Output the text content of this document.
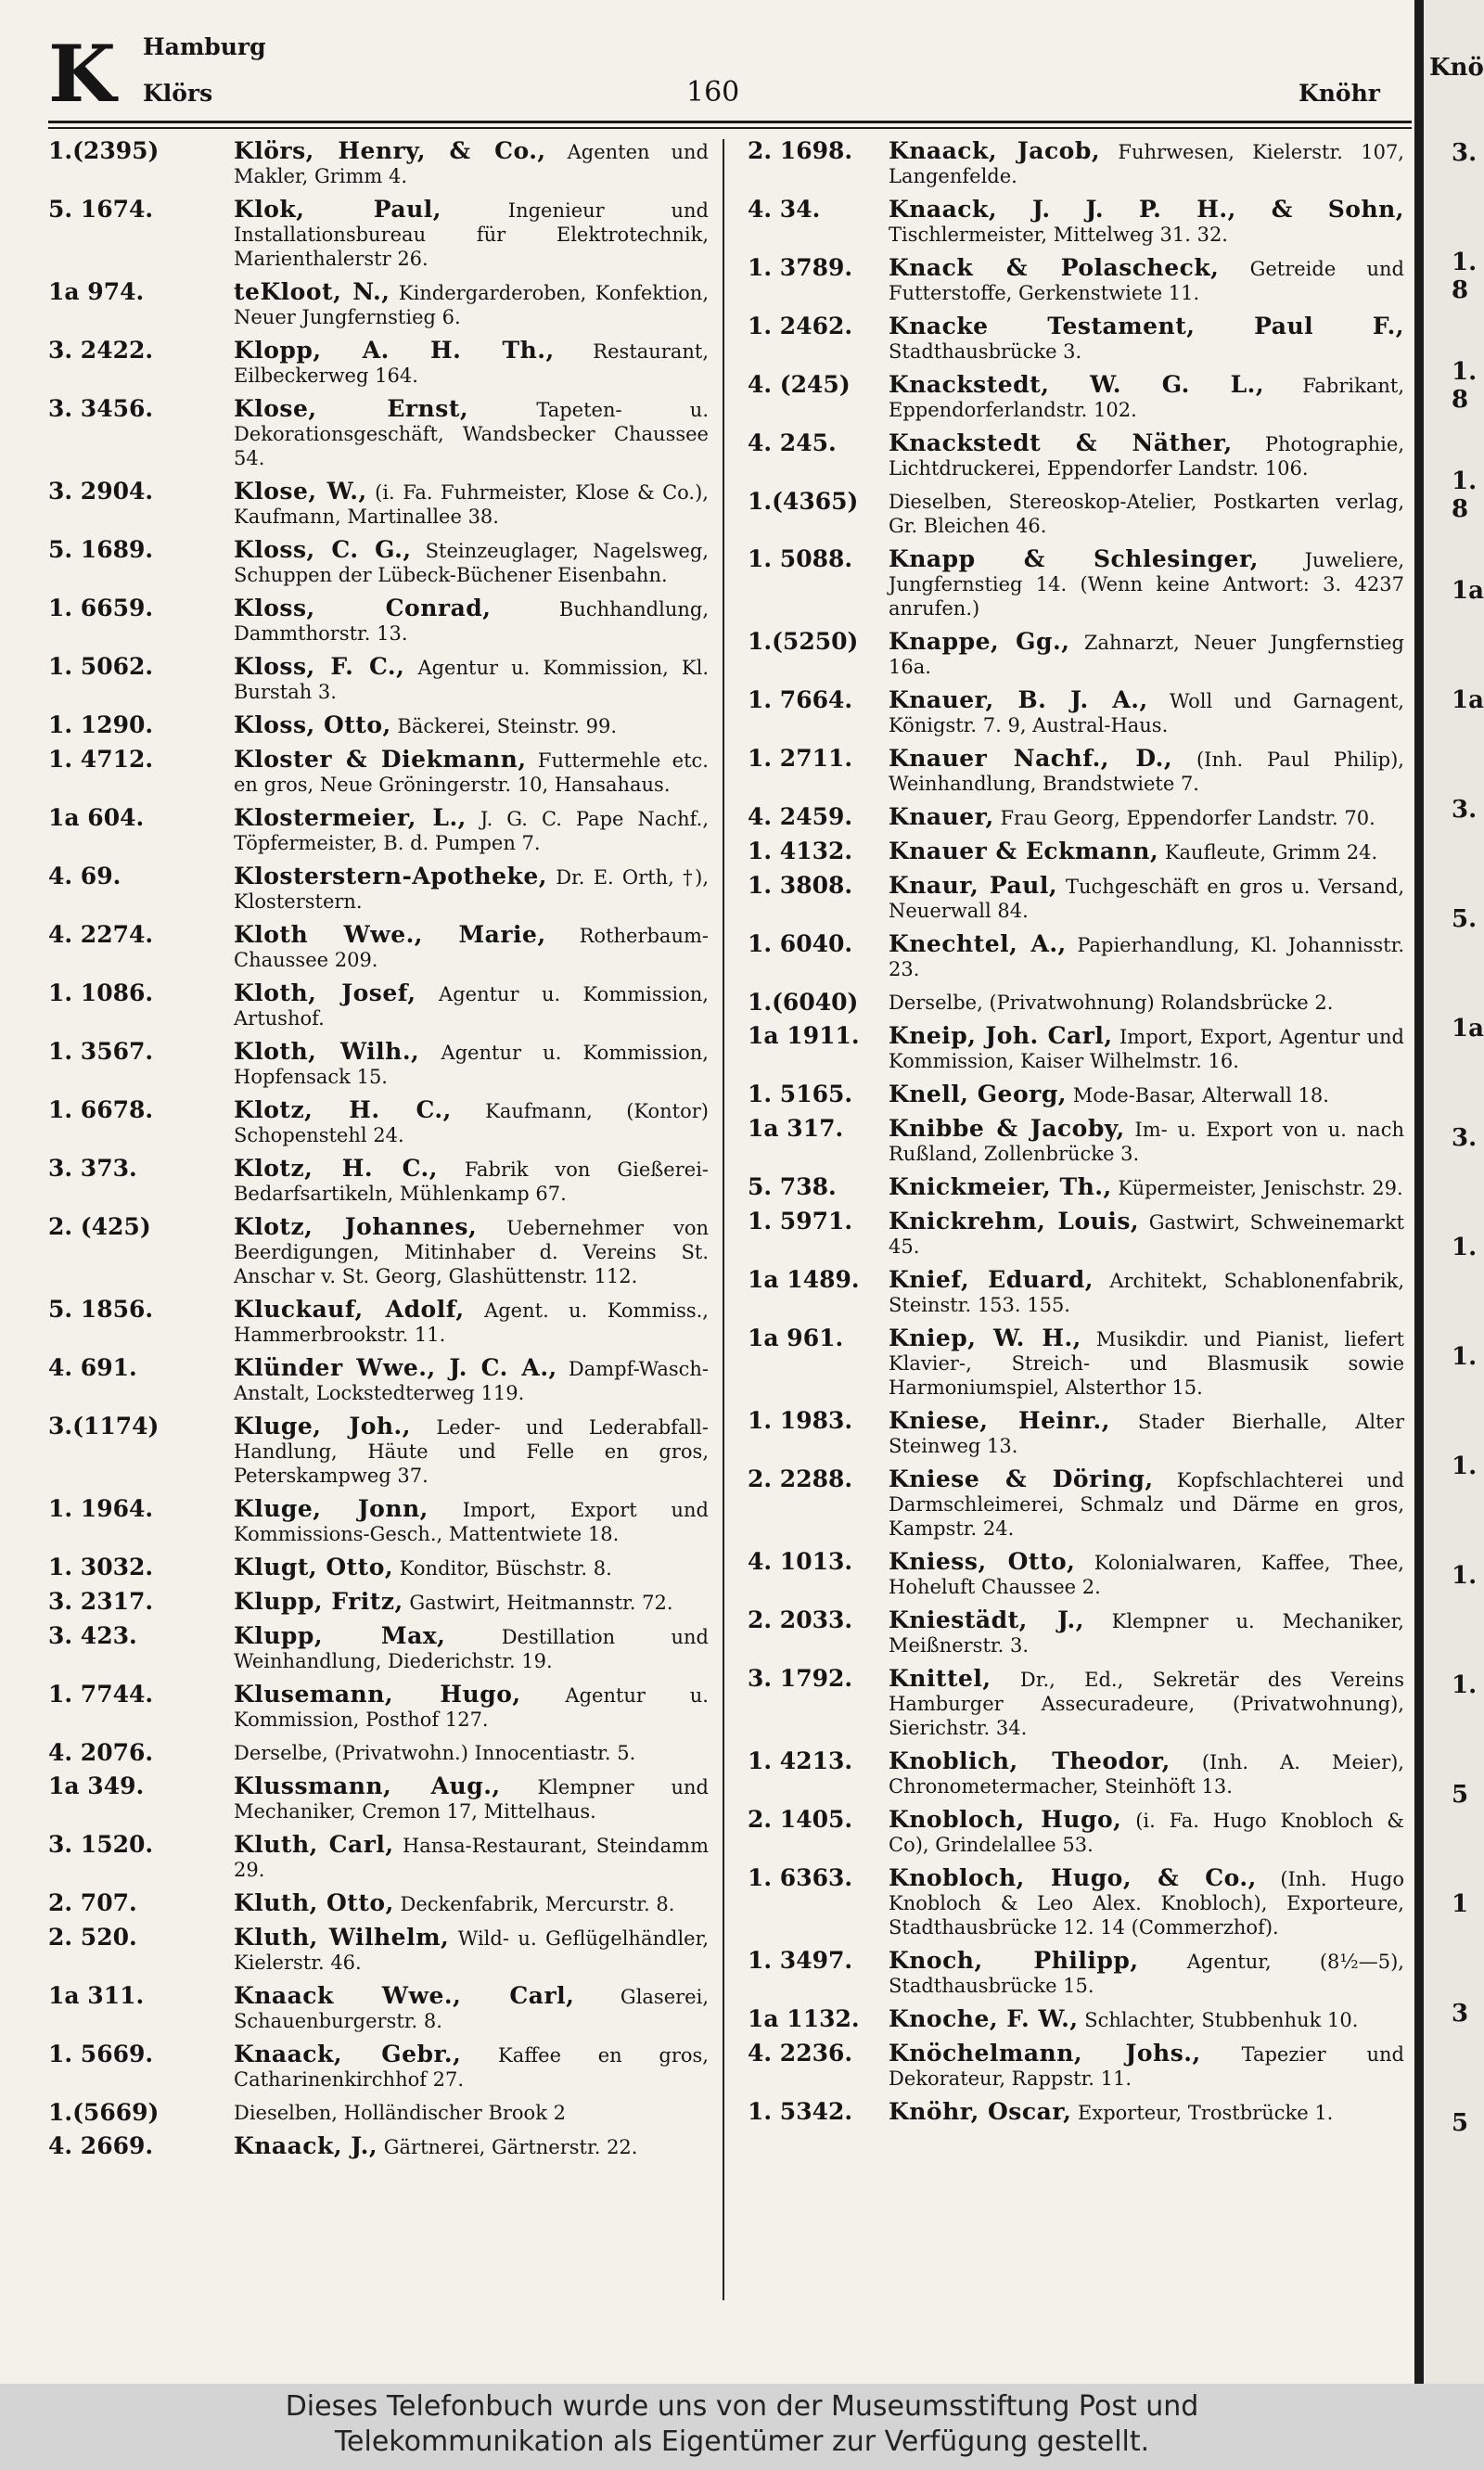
K Hamburg
Klörs	160	Knöhr
1.(2395)	Klörs, Henry, & Co., Agenten und Makler, Grimm 4.
5. 1674.	Klok, Paul,	Ingenieur und Installationsbureau für Elektrotechnik, Marienthalerstr 26.
1a 974.	teKloot, N., Kindergarderoben, Konfektion, Neuer Jungfernstieg 6.
3. 2422.	Klopp, A. H. Th., Restaurant, Eilbeckerweg 164.
3. 3456.	Klose, Ernst,	Tapeten- u. Dekorationsgeschäft, Wandsbecker Chaussee 54.
3. 2904.	Klose, W., (i. Fa. Fuhrmeister, Klose & Co.), Kaufmann, Martinallee 38.
5. 1689.	Kloss, C. G., Steinzeuglager, Nagelsweg, Schuppen der Lübeck-Büchener Eisenbahn.
1. 6659.	Kloss, Conrad,	Buchhandlung, Dammthorstr. 13.
1. 5062.	Kloss, F. C., Agentur u. Kommission, Kl. Burstah 3.
1. 1290.	Kloss, Otto, Bäckerei, Steinstr. 99.
1. 4712.	Kloster & Diekmann, Futtermehle etc. en gros, Neue Gröningerstr. 10, Hansahaus.
1a 604.	Klostermeier, L., J. G. C. Pape Nachf., Töpfermeister, B. d. Pumpen 7.
4. 69.	Klosterstern-Apotheke, Dr. E. Orth, †), Klosterstern.
4. 2274.	Kloth Wwe., Marie, Rotherbaum-Chaussee 209.
1. 1086.	Kloth, Josef, Agentur u. Kommission, Artushof.
1. 3567.	Kloth, Wilh., Agentur u. Kommission, Hopfensack 15.
1. 6678.	Klotz, H. C., Kaufmann, (Kontor) Schopenstehl 24.
3. 373.	Klotz, H. C., Fabrik von Gießerei-Bedarfsartikeln, Mühlenkamp 67.
2. (425)	Klotz, Johannes, Uebernehmer von Beerdigungen, Mitinhaber d. Vereins St. Anschar v. St. Georg, Glashüttenstr. 112.
5. 1856.	Kluckauf, Adolf, Agent. u. Kommiss., Hammerbrookstr. 11.
4. 691.	Klünder Wwe., J. C. A., Dampf-Wasch-Anstalt, Lockstedterweg 119.
3.(1174)	Kluge, Joh., Leder- und Lederabfall-Handlung, Häute und Felle en gros, Peterskampweg 37.
1. 1964.	Kluge, Jonn, Import, Export und Kommissions-Gesch., Mattentwiete 18.
1. 3032.	Klugt, Otto, Konditor, Büschstr. 8.
3. 2317.	Klupp, Fritz, Gastwirt, Heitmannstr. 72.
3. 423.	Klupp, Max,	Destillation und Weinhandlung, Diederichstr. 19.
1. 7744.	Klusemann, Hugo, Agentur u. Kommission, Posthof 127.
4. 2076.	Derselbe, (Privatwohn.) Innocentiastr. 5.
1a 349.	Klussmann, Aug., Klempner und Mechaniker, Cremon 17, Mittelhaus.
3. 1520.	Kluth, Carl, Hansa-Restaurant, Steindamm 29.
2. 707.	Kluth, Otto, Deckenfabrik, Mercurstr. 8.
2. 520.	Kluth, Wilhelm, Wild- u. Geflügelhändler, Kielerstr. 46.
1a 311.	Knaack Wwe., Carl, Glaserei, Schauenburgerstr. 8.
1. 5669.	Knaack, Gebr., Kaffee en gros, Catharinenkirchhof 27.
1.(5669)	Dieselben, Holländischer Brook 2
4. 2669.	Knaack, J., Gärtnerei, Gärtnerstr. 22.
2. 1698. Knaack, Jacob, Fuhrwesen, Kielerstr. 107, Langenfelde.
4. 34.	Knaack, J. J. P. H., & Sohn, Tischlermeister, Mittelweg 31. 32.
1. 3789. Knack & Polascheck, Getreide und Futterstoffe, Gerkenstwiete 11.
1. 2462. Knacke Testament, Paul F., Stadthausbrücke 3.
4. (245) Knackstedt, W. G. L., Fabrikant, Eppendorferlandstr. 102.
4. 245. Knackstedt & Näther, Photographie, Lichtdruckerei, Eppendorfer Landstr. 106.
1.(4365) Dieselben, Stereoskop-Atelier, Postkarten verlag, Gr. Bleichen 46.
1. 5088. Knapp & Schlesinger, Juweliere, Jungfernstieg 14. (Wenn keine Antwort: 3. 4237 anrufen.)
1.(5250) Knappe, Gg., Zahnarzt, Neuer Jungfernstieg 16a.
1. 7664. Knauer, B. J. A., Woll und Garnagent, Königstr. 7. 9, Austral-Haus.
1. 2711. Knauer Nachf., D., (Inh. Paul Philip), Weinhandlung, Brandstwiete 7.
4. 2459. Knauer, Frau Georg, Eppendorfer Landstr. 70.
1. 4132. Knauer & Eckmann, Kaufleute, Grimm 24.
1. 3808. Knaur, Paul, Tuchgeschäft en gros u. Versand, Neuerwall 84.
1. 6040. Knechtel, A., Papierhandlung, Kl. Johannisstr. 23.
1.(6040) Derselbe, (Privatwohnung) Rolandsbrücke 2.
1a 1911. Kneip, Joh. Carl, Import, Export, Agentur und Kommission, Kaiser Wilhelmstr. 16.
1. 5165. Knell, Georg, Mode-Basar, Alterwall 18.
1a 317. Knibbe & Jacoby, Im- u. Export von u. nach Rußland, Zollenbrücke 3.
5. 738. Knickmeier, Th., Küpermeister, Jenischstr. 29.
1. 5971. Knickrehm, Louis, Gastwirt, Schweinemarkt 45.
1a 1489. Knief, Eduard, Architekt, Schablonenfabrik, Steinstr. 153. 155.
1a 961. Kniep, W. H., Musikdir. und Pianist, liefert Klavier-, Streich- und Blasmusik sowie Harmoniumspiel, Alsterthor 15.
1. 1983. Kniese, Heinr., Stader Bierhalle, Alter Steinweg 13.
2. 2288. Kniese & Döring, Kopfschlachterei und Darmschleimerei, Schmalz und Därme en gros, Kampstr. 24.
4. 1013. Kniess, Otto, Kolonialwaren, Kaffee, Thee, Hoheluft Chaussee 2.
2. 2033. Kniestädt, J., Klempner u. Mechaniker, Meißnerstr. 3.
3. 1792. Knittel, Dr., Ed., Sekretär des Vereins Hamburger Assecuradeure, (Privatwohnung), Sierichstr. 34.
1. 4213. Knoblich, Theodor, (Inh. A. Meier), Chronometermacher, Steinhöft 13.
2. 1405. Knobloch, Hugo, (i. Fa. Hugo Knobloch & Co), Grindelallee 53.
1. 6363. Knobloch, Hugo, & Co., (Inh. Hugo Knobloch & Leo Alex. Knobloch), Exporteure, Stadthausbrücke 12. 14 (Commerzhof).
1. 3497. Knoch, Philipp, Agentur, (8½—5), Stadthausbrücke 15.
1a 1132. Knoche, F. W., Schlachter, Stubbenhuk 10.
4. 2236. Knöchelmann, Johs., Tapezier und Dekorateur, Rappstr. 11.
1. 5342. Knöhr, Oscar, Exporteur, Trostbrücke 1.
Knö
3.
1. 8
1. 8
1. 8
1a
1a
3.
5.
1a
3.
1.
1.
1.
1.
1.
5
1
3
5
Dieses Telefonbuch wurde uns von der Museumsstiftung Post und
Telekommunikation als Eigentümer zur Verfügung gestellt.
